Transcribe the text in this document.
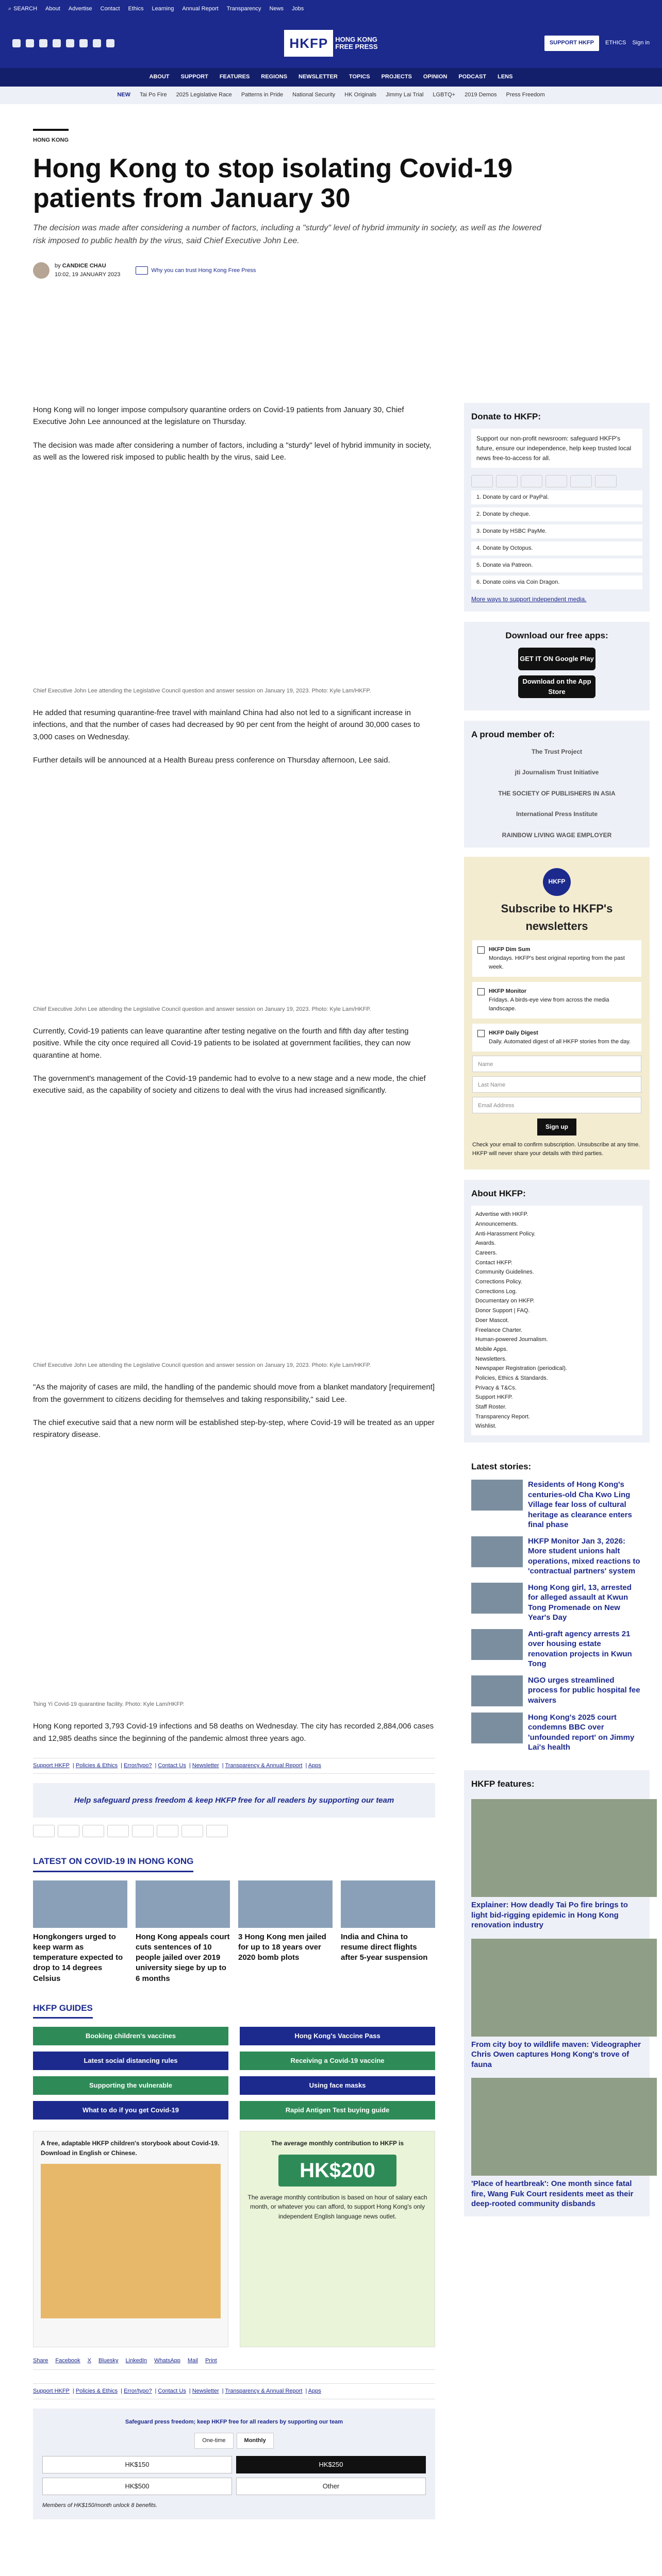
⌕ SEARCH About Advertise Contact Ethics Learning Annual Report Transparency News Jobs
HKFP	HONG KONG
FREE PRESS	SUPPORT HKFP	ETHICS Sign in
ABOUT SUPPORT FEATURES REGIONS NEWSLETTER TOPICS PROJECTS OPINION PODCAST LENS
NEW Tai Po Fire 2025 Legislative Race Patterns in Pride National Security HK Originals Jimmy Lai Trial LGBTQ+ 2019 Demos Press Freedom
HONG KONG
Hong Kong to stop isolating Covid-19 patients from January 30

The decision was made after considering a number of factors, including a "sturdy" level of hybrid immunity in society, as well as the lowered risk imposed to public health by the virus, said Chief Executive John Lee.

by CANDICE CHAU
10:02, 19 JANUARY 2023
Why you can trust Hong Kong Free Press

Hong Kong will no longer impose compulsory quarantine orders on Covid-19 patients from January 30, Chief Executive John Lee announced at the legislature on Thursday.

The decision was made after considering a number of factors, including a "sturdy" level of hybrid immunity in society, as well as the lowered risk imposed to public health by the virus, said Lee.

Chief Executive John Lee attending the Legislative Council question and answer session on January 19, 2023. Photo: Kyle Lam/HKFP.

He added that resuming quarantine-free travel with mainland China had also not led to a significant increase in infections, and that the number of cases had decreased by 90 per cent from the height of around 30,000 cases to 3,000 cases on Wednesday.

Further details will be announced at a Health Bureau press conference on Thursday afternoon, Lee said.

Chief Executive John Lee attending the Legislative Council question and answer session on January 19, 2023. Photo: Kyle Lam/HKFP.

Currently, Covid-19 patients can leave quarantine after testing negative on the fourth and fifth day after testing positive. While the city once required all Covid-19 patients to be isolated at government facilities, they can now quarantine at home.

The government's management of the Covid-19 pandemic had to evolve to a new stage and a new mode, the chief executive said, as the capability of society and citizens to deal with the virus had increased significantly.

Chief Executive John Lee attending the Legislative Council question and answer session on January 19, 2023. Photo: Kyle Lam/HKFP.

"As the majority of cases are mild, the handling of the pandemic should move from a blanket mandatory [requirement] from the government to citizens deciding for themselves and taking responsibility," said Lee.

The chief executive said that a new norm will be established step-by-step, where Covid-19 will be treated as an upper respiratory disease.

Tsing Yi Covid-19 quarantine facility. Photo: Kyle Lam/HKFP.

Hong Kong reported 3,793 Covid-19 infections and 58 deaths on Wednesday. The city has recorded 2,884,006 cases and 12,985 deaths since the beginning of the pandemic almost three years ago.

Support HKFP | Policies & Ethics | Error/typo? | Contact Us | Newsletter | Transparency & Annual Report | Apps
Help safeguard press freedom & keep HKFP free for all readers by supporting our team
LATEST ON COVID-19 IN HONG KONG
Hongkongers urged to keep warm as temperature expected to drop to 14 degrees Celsius
Hong Kong appeals court cuts sentences of 10 people jailed over 2019 university siege by up to 6 months
3 Hong Kong men jailed for up to 18 years over 2020 bomb plots
India and China to resume direct flights after 5-year suspension
HKFP GUIDES
Booking children's vaccines	Hong Kong's Vaccine Pass
Latest social distancing rules	Receiving a Covid-19 vaccine
Supporting the vulnerable	Using face masks
What to do if you get Covid-19	Rapid Antigen Test buying guide
A free, adaptable HKFP children's storybook about Covid-19. Download in English or Chinese.
The average monthly contribution to HKFP is
HK$200
The average monthly contribution is based on hour of salary each month, or whatever you can afford, to support Hong Kong's only independent English language news outlet.
Share Facebook X Bluesky LinkedIn WhatsApp Mail Print
Support HKFP | Policies & Ethics | Error/typo? | Contact Us | Newsletter | Transparency & Annual Report | Apps
Safeguard press freedom; keep HKFP free for all readers by supporting our team
One-time	Monthly
HK$150	HK$250
HK$500	Other
Members of HK$150/month unlock 8 benefits.
Donate to HKFP:
Support our non-profit newsroom: safeguard HKFP's future, ensure our independence, help keep trusted local news free-to-access for all.
1. Donate by card or PayPal.
2. Donate by cheque.
3. Donate by HSBC PayMe.
4. Donate by Octopus.
5. Donate via Patreon.
6. Donate coins via Coin Dragon.
More ways to support independent media.
Download our free apps:
GET IT ON Google Play
Download on the App Store
A proud member of:
The Trust Project
jti Journalism Trust Initiative
THE SOCIETY OF PUBLISHERS IN ASIA
International Press Institute
RAINBOW LIVING WAGE EMPLOYER
HKFP
Subscribe to HKFP's newsletters
HKFP Dim Sum
Mondays. HKFP's best original reporting from the past week.
HKFP Monitor
Fridays. A birds-eye view from across the media landscape.
HKFP Daily Digest
Daily. Automated digest of all HKFP stories from the day.
Name
Last Name
Email Address
Sign up
Check your email to confirm subscription. Unsubscribe at any time. HKFP will never share your details with third parties.
About HKFP:
Advertise with HKFP.
Announcements.
Anti-Harassment Policy.
Awards.
Careers.
Contact HKFP.
Community Guidelines.
Corrections Policy.
Corrections Log.
Documentary on HKFP.
Donor Support | FAQ.
Doer Mascot.
Freelance Charter.
Human-powered Journalism.
Mobile Apps.
Newsletters.
Newspaper Registration (periodical).
Policies, Ethics & Standards.
Privacy & T&Cs.
Support HKFP.
Staff Roster.
Transparency Report.
Wishlist.
Latest stories:
Residents of Hong Kong's centuries-old Cha Kwo Ling Village fear loss of cultural heritage as clearance enters final phase
HKFP Monitor Jan 3, 2026: More student unions halt operations, mixed reactions to 'contractual partners' system
Hong Kong girl, 13, arrested for alleged assault at Kwun Tong Promenade on New Year's Day
Anti-graft agency arrests 21 over housing estate renovation projects in Kwun Tong
NGO urges streamlined process for public hospital fee waivers
Hong Kong's 2025 court condemns BBC over 'unfounded report' on Jimmy Lai's health
HKFP features:
Explainer: How deadly Tai Po fire brings to light bid-rigging epidemic in Hong Kong renovation industry
From city boy to wildlife maven: Videographer Chris Owen captures Hong Kong's trove of fauna
'Place of heartbreak': One month since fatal fire, Wang Fuk Court residents meet as their deep-rooted community disbands
